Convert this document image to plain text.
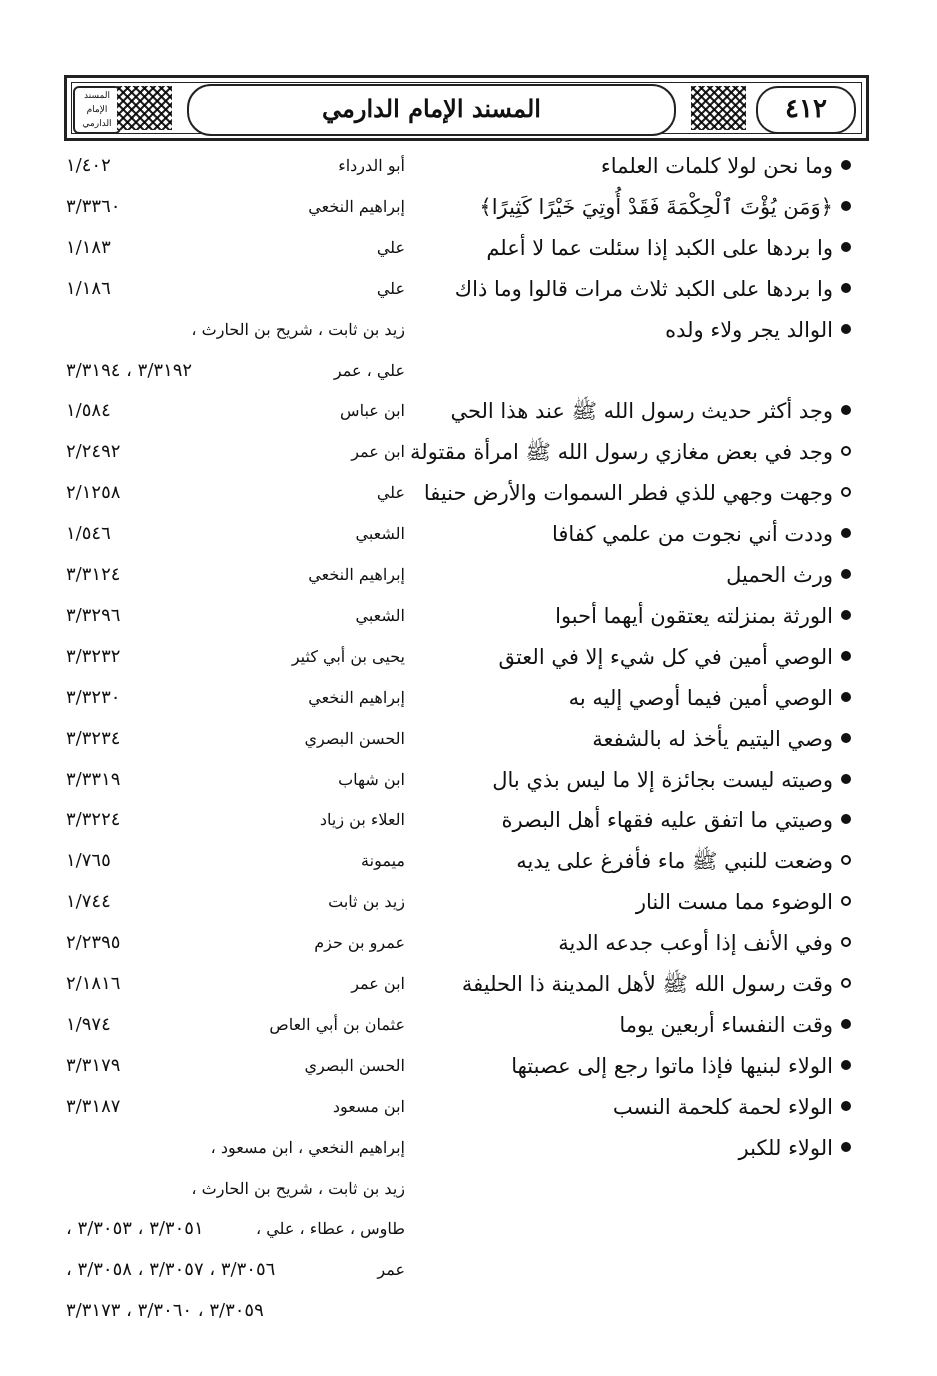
المسند الإمام الدارمي
المسند الإمام الدارمي	٤١٢
وما نحن لولا كلمات العلماء
أبو الدرداء
١/٤٠٢
﴿وَمَن يُؤْتَ ٱلْحِكْمَةَ فَقَدْ أُوتِيَ خَيْرًا كَثِيرًا﴾
إبراهيم النخعي
٣/٣٣٦٠
وا بردها على الكبد إذا سئلت عما لا أعلم
علي
١/١٨٣
وا بردها على الكبد ثلاث مرات قالوا وما ذاك
علي
١/١٨٦
الوالد يجر ولاء ولده
زيد بن ثابت ، شريح بن الحارث ،
علي ، عمر
٣/٣١٩٢ ، ٣/٣١٩٤
وجد أكثر حديث رسول الله ﷺ عند هذا الحي
ابن عباس
١/٥٨٤
وجد في بعض مغازي رسول الله ﷺ امرأة مقتولة
ابن عمر
٢/٢٤٩٢
وجهت وجهي للذي فطر السموات والأرض حنيفا
علي
٢/١٢٥٨
وددت أني نجوت من علمي كفافا
الشعبي
١/٥٤٦
ورث الحميل
إبراهيم النخعي
٣/٣١٢٤
الورثة بمنزلته يعتقون أيهما أحبوا
الشعبي
٣/٣٢٩٦
الوصي أمين في كل شيء إلا في العتق
يحيى بن أبي كثير
٣/٣٢٣٢
الوصي أمين فيما أوصي إليه به
إبراهيم النخعي
٣/٣٢٣٠
وصي اليتيم يأخذ له بالشفعة
الحسن البصري
٣/٣٢٣٤
وصيته ليست بجائزة إلا ما ليس بذي بال
ابن شهاب
٣/٣٣١٩
وصيتي ما اتفق عليه فقهاء أهل البصرة
العلاء بن زياد
٣/٣٢٢٤
وضعت للنبي ﷺ ماء فأفرغ على يديه
ميمونة
١/٧٦٥
الوضوء مما مست النار
زيد بن ثابت
١/٧٤٤
وفي الأنف إذا أوعب جدعه الدية
عمرو بن حزم
٢/٢٣٩٥
وقت رسول الله ﷺ لأهل المدينة ذا الحليفة
ابن عمر
٢/١٨١٦
وقت النفساء أربعين يوما
عثمان بن أبي العاص
١/٩٧٤
الولاء لبنيها فإذا ماتوا رجع إلى عصبتها
الحسن البصري
٣/٣١٧٩
الولاء لحمة كلحمة النسب
ابن مسعود
٣/٣١٨٧
الولاء للكبر
إبراهيم النخعي ، ابن مسعود ،
زيد بن ثابت ، شريح بن الحارث ،
طاوس ، عطاء ، علي ،
٣/٣٠٥١ ، ٣/٣٠٥٣ ،
عمر
٣/٣٠٥٦ ، ٣/٣٠٥٧ ، ٣/٣٠٥٨ ،
٣/٣٠٥٩ ، ٣/٣٠٦٠ ، ٣/٣١٧٣
